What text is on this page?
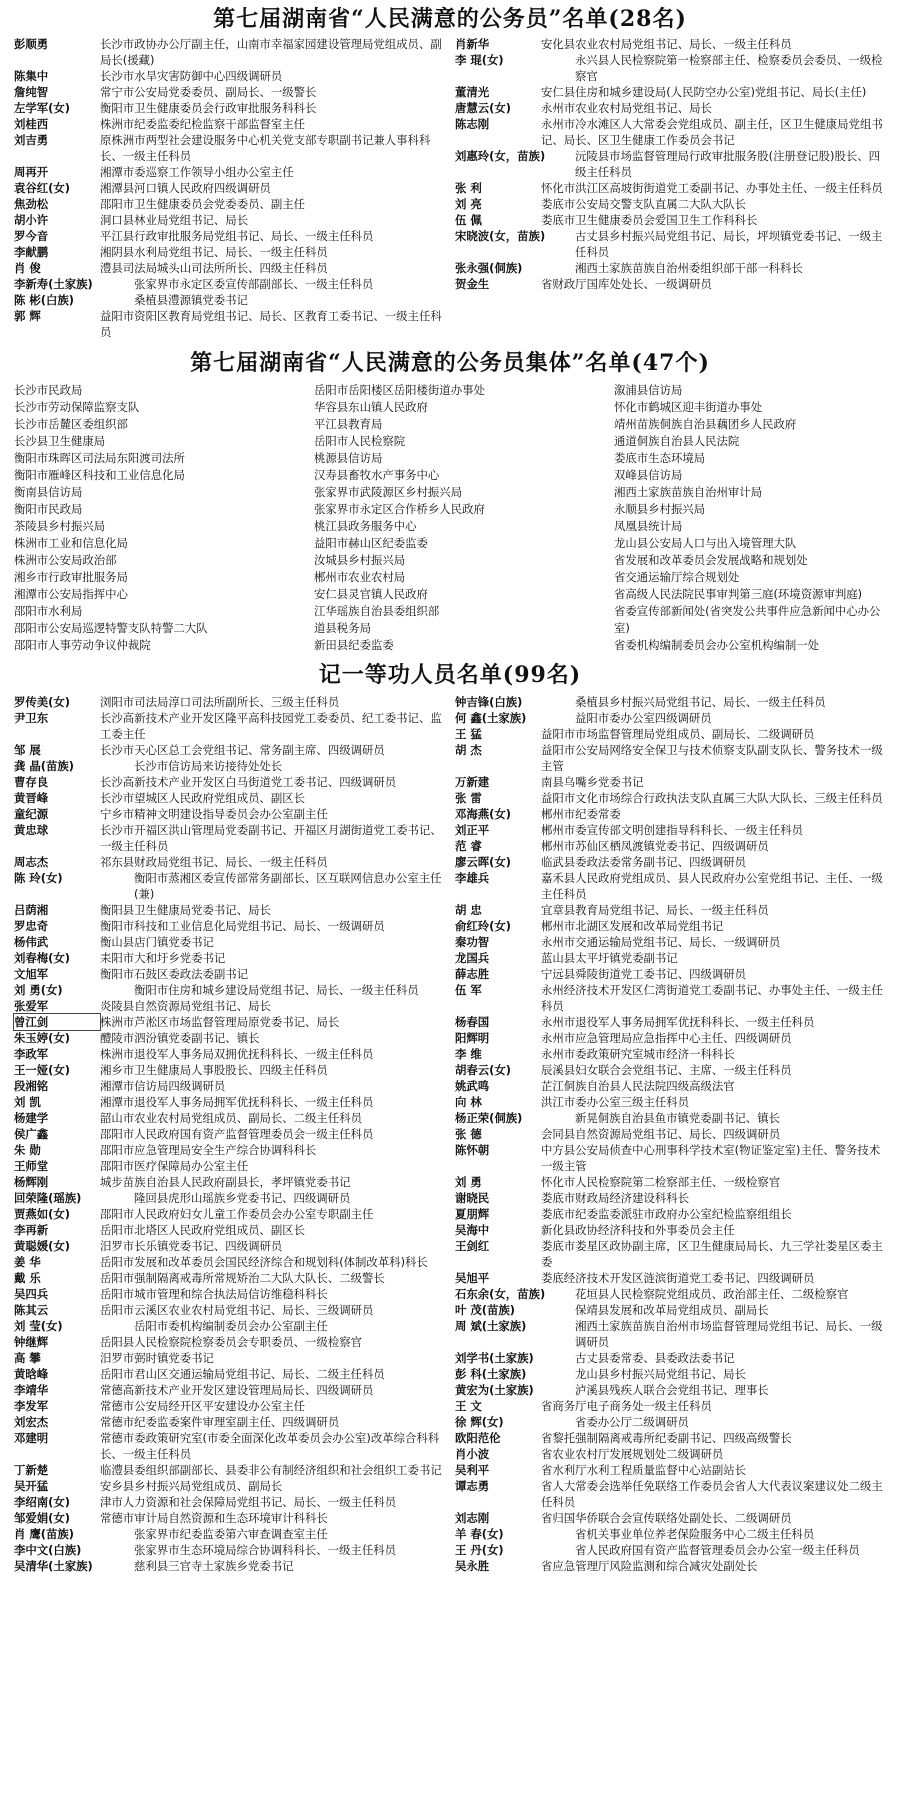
第七届湖南省“人民满意的公务员”名单(28名)
彭顺勇	长沙市政协办公厅副主任，山南市幸福家园建设管理局党组成员、副局长(援藏)
陈集中	长沙市水旱灾害防御中心四级调研员
詹纯智	常宁市公安局党委委员、副局长、一级警长
左学军(女)	衡阳市卫生健康委员会行政审批服务科科长
刘桂西	株洲市纪委监委纪检监察干部监督室主任
刘吉勇	原株洲市两型社会建设服务中心机关党支部专职副书记兼人事科科长、一级主任科员
周再开	湘潭市委巡察工作领导小组办公室主任
袁谷红(女)	湘潭县河口镇人民政府四级调研员
焦劲松	邵阳市卫生健康委员会党委委员、副主任
胡小许	洞口县林业局党组书记、局长
罗今音	平江县行政审批服务局党组书记、局长、一级主任科员
李献鹏	湘阴县水利局党组书记、局长、一级主任科员
肖 俊	澧县司法局城头山司法所所长、四级主任科员
李新寿(土家族)	张家界市永定区委宣传部副部长、一级主任科员
陈 彬(白族)	桑植县澧源镇党委书记
郭 辉	益阳市资阳区教育局党组书记、局长、区教育工委书记、一级主任科员
肖新华	安化县农业农村局党组书记、局长、一级主任科员
李 琨(女)	永兴县人民检察院第一检察部主任、检察委员会委员、一级检察官
董清光	安仁县住房和城乡建设局(人民防空办公室)党组书记、局长(主任)
唐慧云(女)	永州市农业农村局党组书记、局长
陈志刚	永州市冷水滩区人大常委会党组成员、副主任，区卫生健康局党组书记、局长、区卫生健康工作委员会书记
刘惠玲(女，苗族)	沅陵县市场监督管理局行政审批服务股(注册登记股)股长、四级主任科员
张 利	怀化市洪江区高坡街街道党工委副书记、办事处主任、一级主任科员
刘 亮	娄底市公安局交警支队直属二大队大队长
伍 佩	娄底市卫生健康委员会爱国卫生工作科科长
宋晓波(女，苗族)	古丈县乡村振兴局党组书记、局长，坪坝镇党委书记、一级主任科员
张永强(侗族)	湘西土家族苗族自治州委组织部干部一科科长
贺金生	省财政厅国库处处长、一级调研员
第七届湖南省“人民满意的公务员集体”名单(47个)
长沙市民政局
长沙市劳动保障监察支队
长沙市岳麓区委组织部
长沙县卫生健康局
衡阳市珠晖区司法局东阳渡司法所
衡阳市雁峰区科技和工业信息化局
衡南县信访局
衡阳市民政局
茶陵县乡村振兴局
株洲市工业和信息化局
株洲市公安局政治部
湘乡市行政审批服务局
湘潭市公安局指挥中心
邵阳市水利局
邵阳市公安局巡逻特警支队特警二大队
邵阳市人事劳动争议仲裁院
岳阳市岳阳楼区岳阳楼街道办事处
华容县东山镇人民政府
平江县教育局
岳阳市人民检察院
桃源县信访局
汉寿县畜牧水产事务中心
张家界市武陵源区乡村振兴局
张家界市永定区合作桥乡人民政府
桃江县政务服务中心
益阳市赫山区纪委监委
汝城县乡村振兴局
郴州市农业农村局
安仁县灵官镇人民政府
江华瑶族自治县委组织部
道县税务局
新田县纪委监委
溆浦县信访局
怀化市鹤城区迎丰街道办事处
靖州苗族侗族自治县藕团乡人民政府
通道侗族自治县人民法院
娄底市生态环境局
双峰县信访局
湘西土家族苗族自治州审计局
永顺县乡村振兴局
凤凰县统计局
龙山县公安局人口与出入境管理大队
省发展和改革委员会发展战略和规划处
省交通运输厅综合规划处
省高级人民法院民事审判第三庭(环境资源审判庭)
省委宣传部新闻处(省突发公共事件应急新闻中心办公室)
省委机构编制委员会办公室机构编制一处
记一等功人员名单(99名)
罗传美(女)	浏阳市司法局淳口司法所副所长、三级主任科员
尹卫东	长沙高新技术产业开发区隆平高科技园党工委委员、纪工委书记、监工委主任
邹 展	长沙市天心区总工会党组书记、常务副主席、四级调研员
龚 晶(苗族)	长沙市信访局来访接待处处长
曹存良	长沙高新技术产业开发区白马街道党工委书记、四级调研员
黄晋峰	长沙市望城区人民政府党组成员、副区长
童纪源	宁乡市精神文明建设指导委员会办公室副主任
黄忠球	长沙市开福区洪山管理局党委副书记、开福区月湖街道党工委书记、一级主任科员
周志杰	祁东县财政局党组书记、局长、一级主任科员
陈 玲(女)	衡阳市蒸湘区委宣传部常务副部长、区互联网信息办公室主任(兼)
吕荫湘	衡阳县卫生健康局党委书记、局长
罗忠奇	衡阳市科技和工业信息化局党组书记、局长、一级调研员
杨伟武	衡山县店门镇党委书记
刘春梅(女)	耒阳市大和圩乡党委书记
文旭军	衡阳市石鼓区委政法委副书记
刘 勇(女)	衡阳市住房和城乡建设局党组书记、局长、一级主任科员
张爱军	炎陵县自然资源局党组书记、局长
曾江剑	株洲市芦淞区市场监督管理局原党委书记、局长
朱玉婷(女)	醴陵市泗汾镇党委副书记、镇长
李政军	株洲市退役军人事务局双拥优抚科科长、一级主任科员
王一娅(女)	湘乡市卫生健康局人事股股长、四级主任科员
段湘铭	湘潭市信访局四级调研员
刘 凯	湘潭市退役军人事务局拥军优抚科科长、一级主任科员
杨建学	韶山市农业农村局党组成员、副局长、二级主任科员
侯广鑫	邵阳市人民政府国有资产监督管理委员会一级主任科员
朱 勋	邵阳市应急管理局安全生产综合协调科科长
王师堂	邵阳市医疗保障局办公室主任
杨辉刚	城步苗族自治县人民政府副县长，孝坪镇党委书记
回荣隆(瑶族)	隆回县虎形山瑶族乡党委书记、四级调研员
贾燕如(女)	邵阳市人民政府妇女儿童工作委员会办公室专职副主任
李再新	岳阳市北塔区人民政府党组成员、副区长
黄聪媛(女)	汨罗市长乐镇党委书记、四级调研员
姜 华	岳阳市发展和改革委员会国民经济综合和规划科(体制改革科)科长
戴 乐	岳阳市强制隔离戒毒所常规矫治二大队大队长、二级警长
吴四兵	岳阳市城市管理和综合执法局信访维稳科科长
陈其云	岳阳市云溪区农业农村局党组书记、局长、三级调研员
刘 莹(女)	岳阳市委机构编制委员会办公室副主任
钟继辉	岳阳县人民检察院检察委员会专职委员、一级检察官
高 攀	汨罗市弼时镇党委书记
黄晗峰	岳阳市君山区交通运输局党组书记、局长、二级主任科员
李靖华	常德高新技术产业开发区建设管理局局长、四级调研员
李发军	常德市公安局经开区平安建设办公室主任
刘宏杰	常德市纪委监委案件审理室副主任、四级调研员
邓建明	常德市委政策研究室(市委全面深化改革委员会办公室)改革综合科科长、一级主任科员
丁新楚	临澧县委组织部副部长、县委非公有制经济组织和社会组织工委书记
吴开猛	安乡县乡村振兴局党组成员、副局长
李绍南(女)	津市人力资源和社会保障局党组书记、局长、一级主任科员
邹爱娟(女)	常德市审计局自然资源和生态环境审计科科长
肖 鹰(苗族)	张家界市纪委监委第六审查调查室主任
李中文(白族)	张家界市生态环境局综合协调科科长、一级主任科员
吴清华(土家族)	慈利县三官寺土家族乡党委书记
钟吉锋(白族)	桑植县乡村振兴局党组书记、局长、一级主任科员
何 鑫(土家族)	益阳市委办公室四级调研员
王 猛	益阳市市场监督管理局党组成员、副局长、二级调研员
胡 杰	益阳市公安局网络安全保卫与技术侦察支队副支队长、警务技术一级主管
万新建	南县乌嘴乡党委书记
张 雷	益阳市文化市场综合行政执法支队直属三大队大队长、三级主任科员
邓海燕(女)	郴州市纪委常委
刘正平	郴州市委宣传部文明创建指导科科长、一级主任科员
范 睿	郴州市苏仙区栖凤渡镇党委书记、四级调研员
廖云晖(女)	临武县委政法委常务副书记、四级调研员
李雄兵	嘉禾县人民政府党组成员、县人民政府办公室党组书记、主任、一级主任科员
胡 忠	宜章县教育局党组书记、局长、一级主任科员
俞红玲(女)	郴州市北湖区发展和改革局党组书记
秦功智	永州市交通运输局党组书记、局长、一级调研员
龙国兵	蓝山县太平圩镇党委副书记
薛志胜	宁远县舜陵街道党工委书记、四级调研员
伍 军	永州经济技术开发区仁湾街道党工委副书记、办事处主任、一级主任科员
杨春国	永州市退役军人事务局拥军优抚科科长、一级主任科员
阳辉明	永州市应急管理局应急指挥中心主任、四级调研员
李 维	永州市委政策研究室城市经济一科科长
胡春云(女)	辰溪县妇女联合会党组书记、主席、一级主任科员
姚武鸣	芷江侗族自治县人民法院四级高级法官
向 林	洪江市委办公室三级主任科员
杨正荣(侗族)	新晃侗族自治县鱼市镇党委副书记、镇长
张 德	会同县自然资源局党组书记、局长、四级调研员
陈怀朝	中方县公安局侦查中心刑事科学技术室(物证鉴定室)主任、警务技术一级主管
刘 勇	怀化市人民检察院第二检察部主任、一级检察官
谢晓民	娄底市财政局经济建设科科长
夏朋辉	娄底市纪委监委派驻市政府办公室纪检监察组组长
吴海中	新化县政协经济科技和外事委员会主任
王剑红	娄底市娄星区政协副主席，区卫生健康局局长、九三学社娄星区委主委
吴旭平	娄底经济技术开发区涟滨街道党工委书记、四级调研员
石东余(女，苗族)	花垣县人民检察院党组成员、政治部主任、二级检察官
叶 茂(苗族)	保靖县发展和改革局党组成员、副局长
周 斌(土家族)	湘西土家族苗族自治州市场监督管理局党组书记、局长、一级调研员
刘学书(土家族)	古丈县委常委、县委政法委书记
彭 科(土家族)	龙山县乡村振兴局党组书记、局长
黄宏为(土家族)	泸溪县残疾人联合会党组书记、理事长
王 文	省商务厅电子商务处一级主任科员
徐 辉(女)	省委办公厅二级调研员
欧阳范伦	省黎托强制隔离戒毒所纪委副书记、四级高级警长
肖小波	省农业农村厅发展规划处二级调研员
吴利平	省水利厅水利工程质量监督中心站副站长
谭志勇	省人大常委会选举任免联络工作委员会省人大代表议案建议处二级主任科员
刘志刚	省归国华侨联合会宣传联络处副处长、二级调研员
羊 春(女)	省机关事业单位养老保险服务中心二级主任科员
王 丹(女)	省人民政府国有资产监督管理委员会办公室一级主任科员
吴永胜	省应急管理厅风险监测和综合减灾处副处长
